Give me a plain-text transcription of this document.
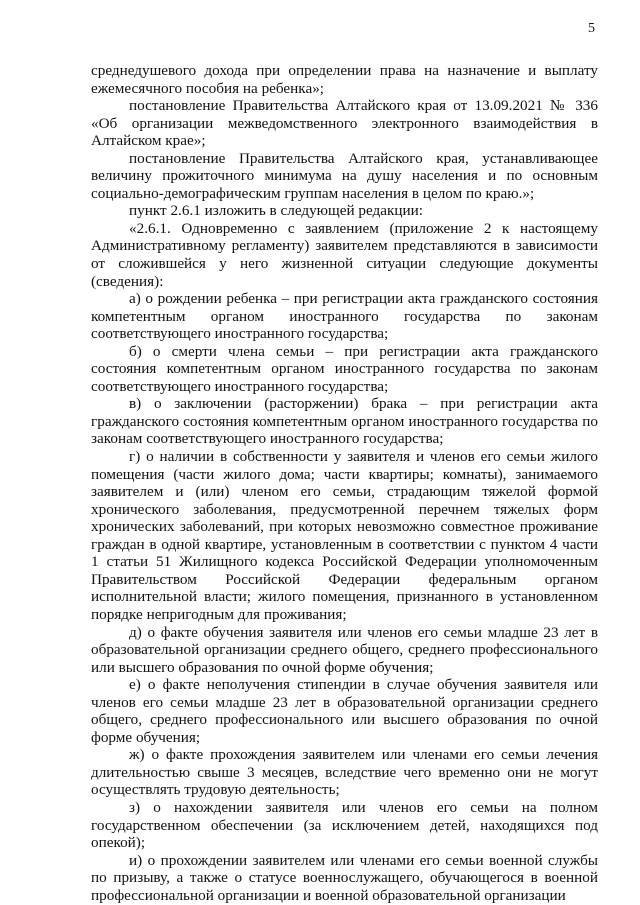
5

среднедушевого дохода при определении права на назначение и выплату ежемесячного пособия на ребенка»;

постановление Правительства Алтайского края от 13.09.2021 № 336 «Об организации межведомственного электронного взаимодействия в Алтайском крае»;

постановление Правительства Алтайского края, устанавливающее величину прожиточного минимума на душу населения и по основным социально-демографическим группам населения в целом по краю.»;

пункт 2.6.1 изложить в следующей редакции:

«2.6.1. Одновременно с заявлением (приложение 2 к настоящему Административному регламенту) заявителем представляются в зависимости от сложившейся у него жизненной ситуации следующие документы (сведения):

а) о рождении ребенка – при регистрации акта гражданского состояния компетентным органом иностранного государства по законам соответствующего иностранного государства;

б) о смерти члена семьи – при регистрации акта гражданского состояния компетентным органом иностранного государства по законам соответствующего иностранного государства;

в) о заключении (расторжении) брака – при регистрации акта гражданского состояния компетентным органом иностранного государства по законам соответствующего иностранного государства;

г) о наличии в собственности у заявителя и членов его семьи жилого помещения (части жилого дома; части квартиры; комнаты), занимаемого заявителем и (или) членом его семьи, страдающим тяжелой формой хронического заболевания, предусмотренной перечнем тяжелых форм хронических заболеваний, при которых невозможно совместное проживание граждан в одной квартире, установленным в соответствии с пунктом 4 части 1 статьи 51 Жилищного кодекса Российской Федерации уполномоченным Правительством Российской Федерации федеральным органом исполнительной власти; жилого помещения, признанного в установленном порядке непригодным для проживания;

д) о факте обучения заявителя или членов его семьи младше 23 лет в образовательной организации среднего общего, среднего профессионального или высшего образования по очной форме обучения;

е) о факте неполучения стипендии в случае обучения заявителя или членов его семьи младше 23 лет в образовательной организации среднего общего, среднего профессионального или высшего образования по очной форме обучения;

ж) о факте прохождения заявителем или членами его семьи лечения длительностью свыше 3 месяцев, вследствие чего временно они не могут осуществлять трудовую деятельность;

з) о нахождении заявителя или членов его семьи на полном государственном обеспечении (за исключением детей, находящихся под опекой);

и) о прохождении заявителем или членами его семьи военной службы по призыву, а также о статусе военнослужащего, обучающегося в военной профессиональной организации и военной образовательной организации
